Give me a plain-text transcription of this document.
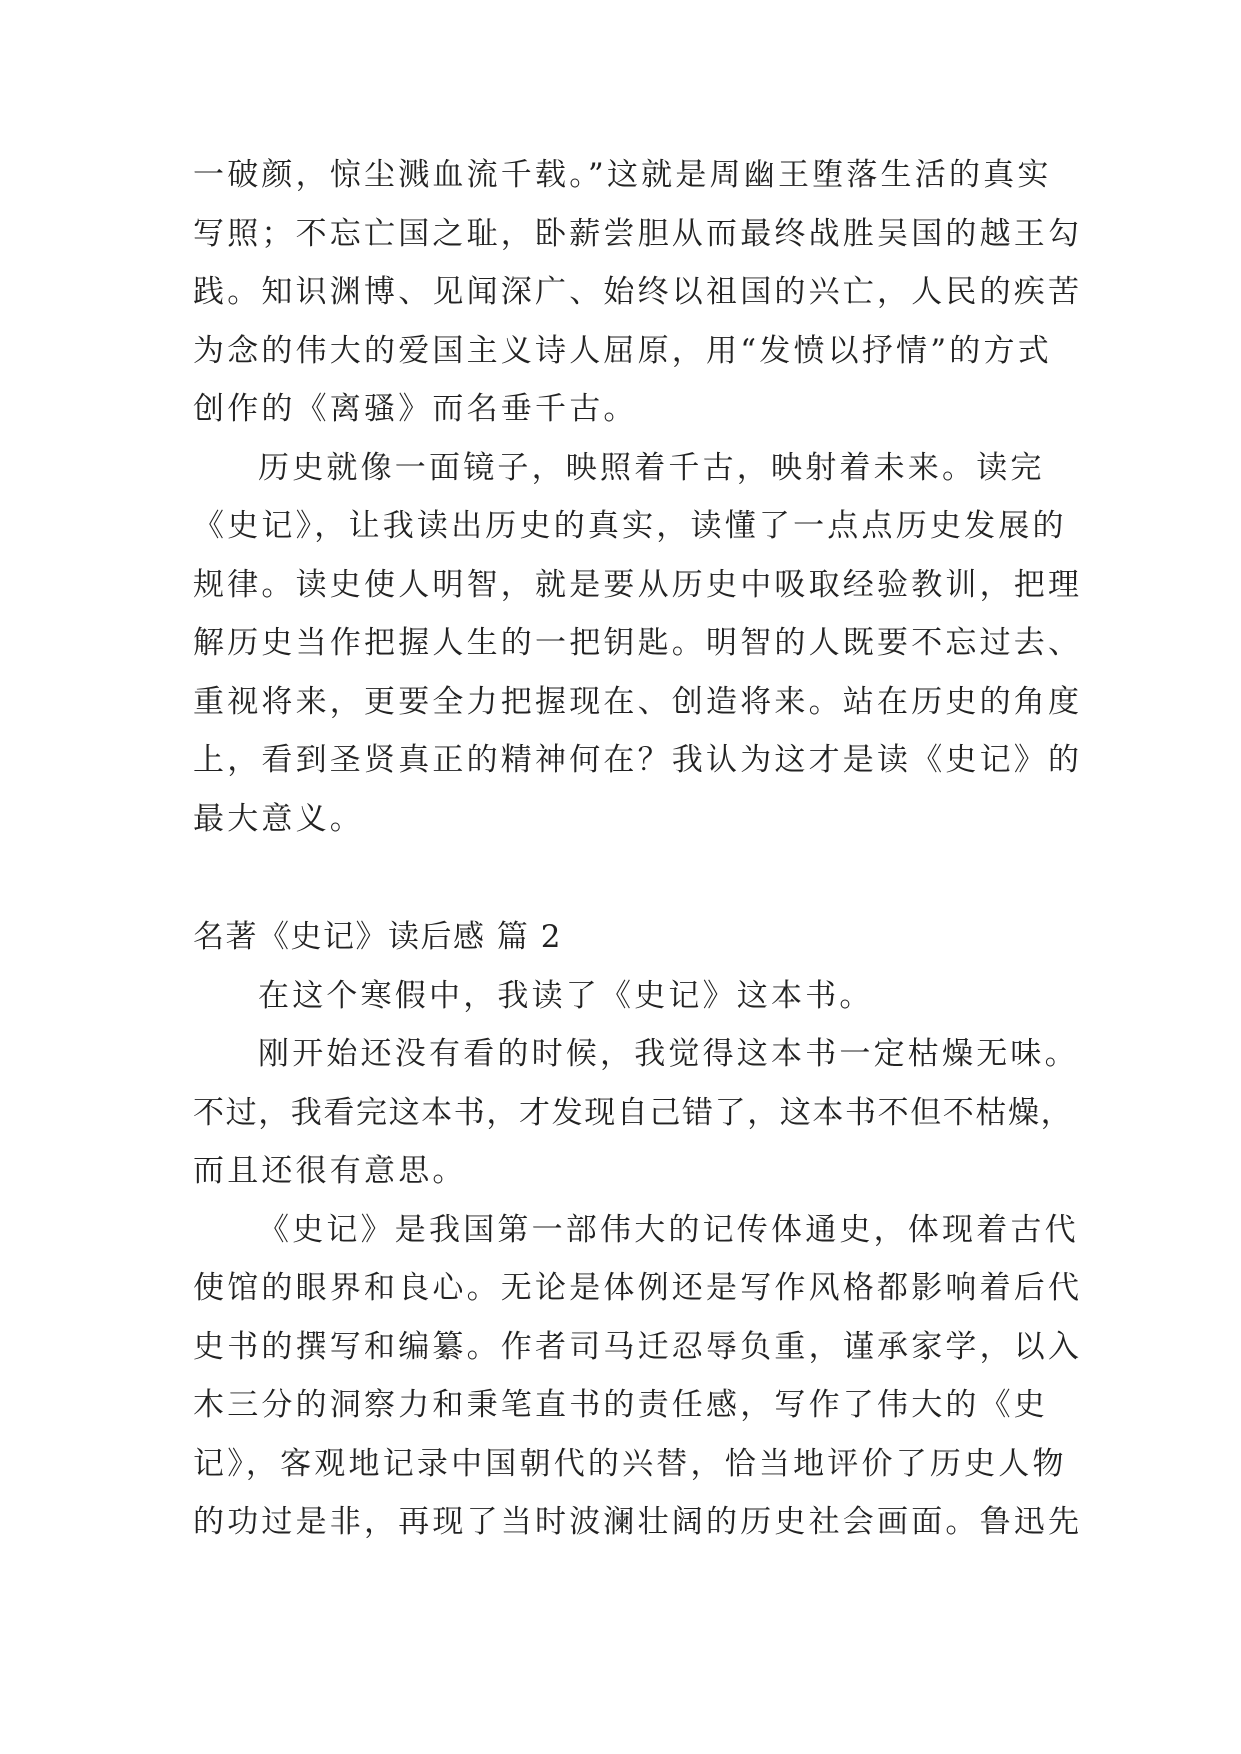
一破颜，惊尘溅血流千载。”这就是周幽王堕落生活的真实
写照；不忘亡国之耻，卧薪尝胆从而最终战胜吴国的越王勾
践。知识渊博、见闻深广、始终以祖国的兴亡，人民的疾苦
为念的伟大的爱国主义诗人屈原，用“发愤以抒情”的方式
创作的《离骚》而名垂千古。
历史就像一面镜子，映照着千古，映射着未来。读完
《史记》，让我读出历史的真实，读懂了一点点历史发展的
规律。读史使人明智，就是要从历史中吸取经验教训，把理
解历史当作把握人生的一把钥匙。明智的人既要不忘过去、
重视将来，更要全力把握现在、创造将来。站在历史的角度
上，看到圣贤真正的精神何在？我认为这才是读《史记》的
最大意义。
名著《史记》读后感 篇 2
在这个寒假中，我读了《史记》这本书。
刚开始还没有看的时候，我觉得这本书一定枯燥无味。
不过，我看完这本书，才发现自己错了，这本书不但不枯燥，
而且还很有意思。
《史记》是我国第一部伟大的记传体通史，体现着古代
使馆的眼界和良心。无论是体例还是写作风格都影响着后代
史书的撰写和编纂。作者司马迁忍辱负重，谨承家学，以入
木三分的洞察力和秉笔直书的责任感，写作了伟大的《史
记》，客观地记录中国朝代的兴替，恰当地评价了历史人物
的功过是非，再现了当时波澜壮阔的历史社会画面。鲁迅先
